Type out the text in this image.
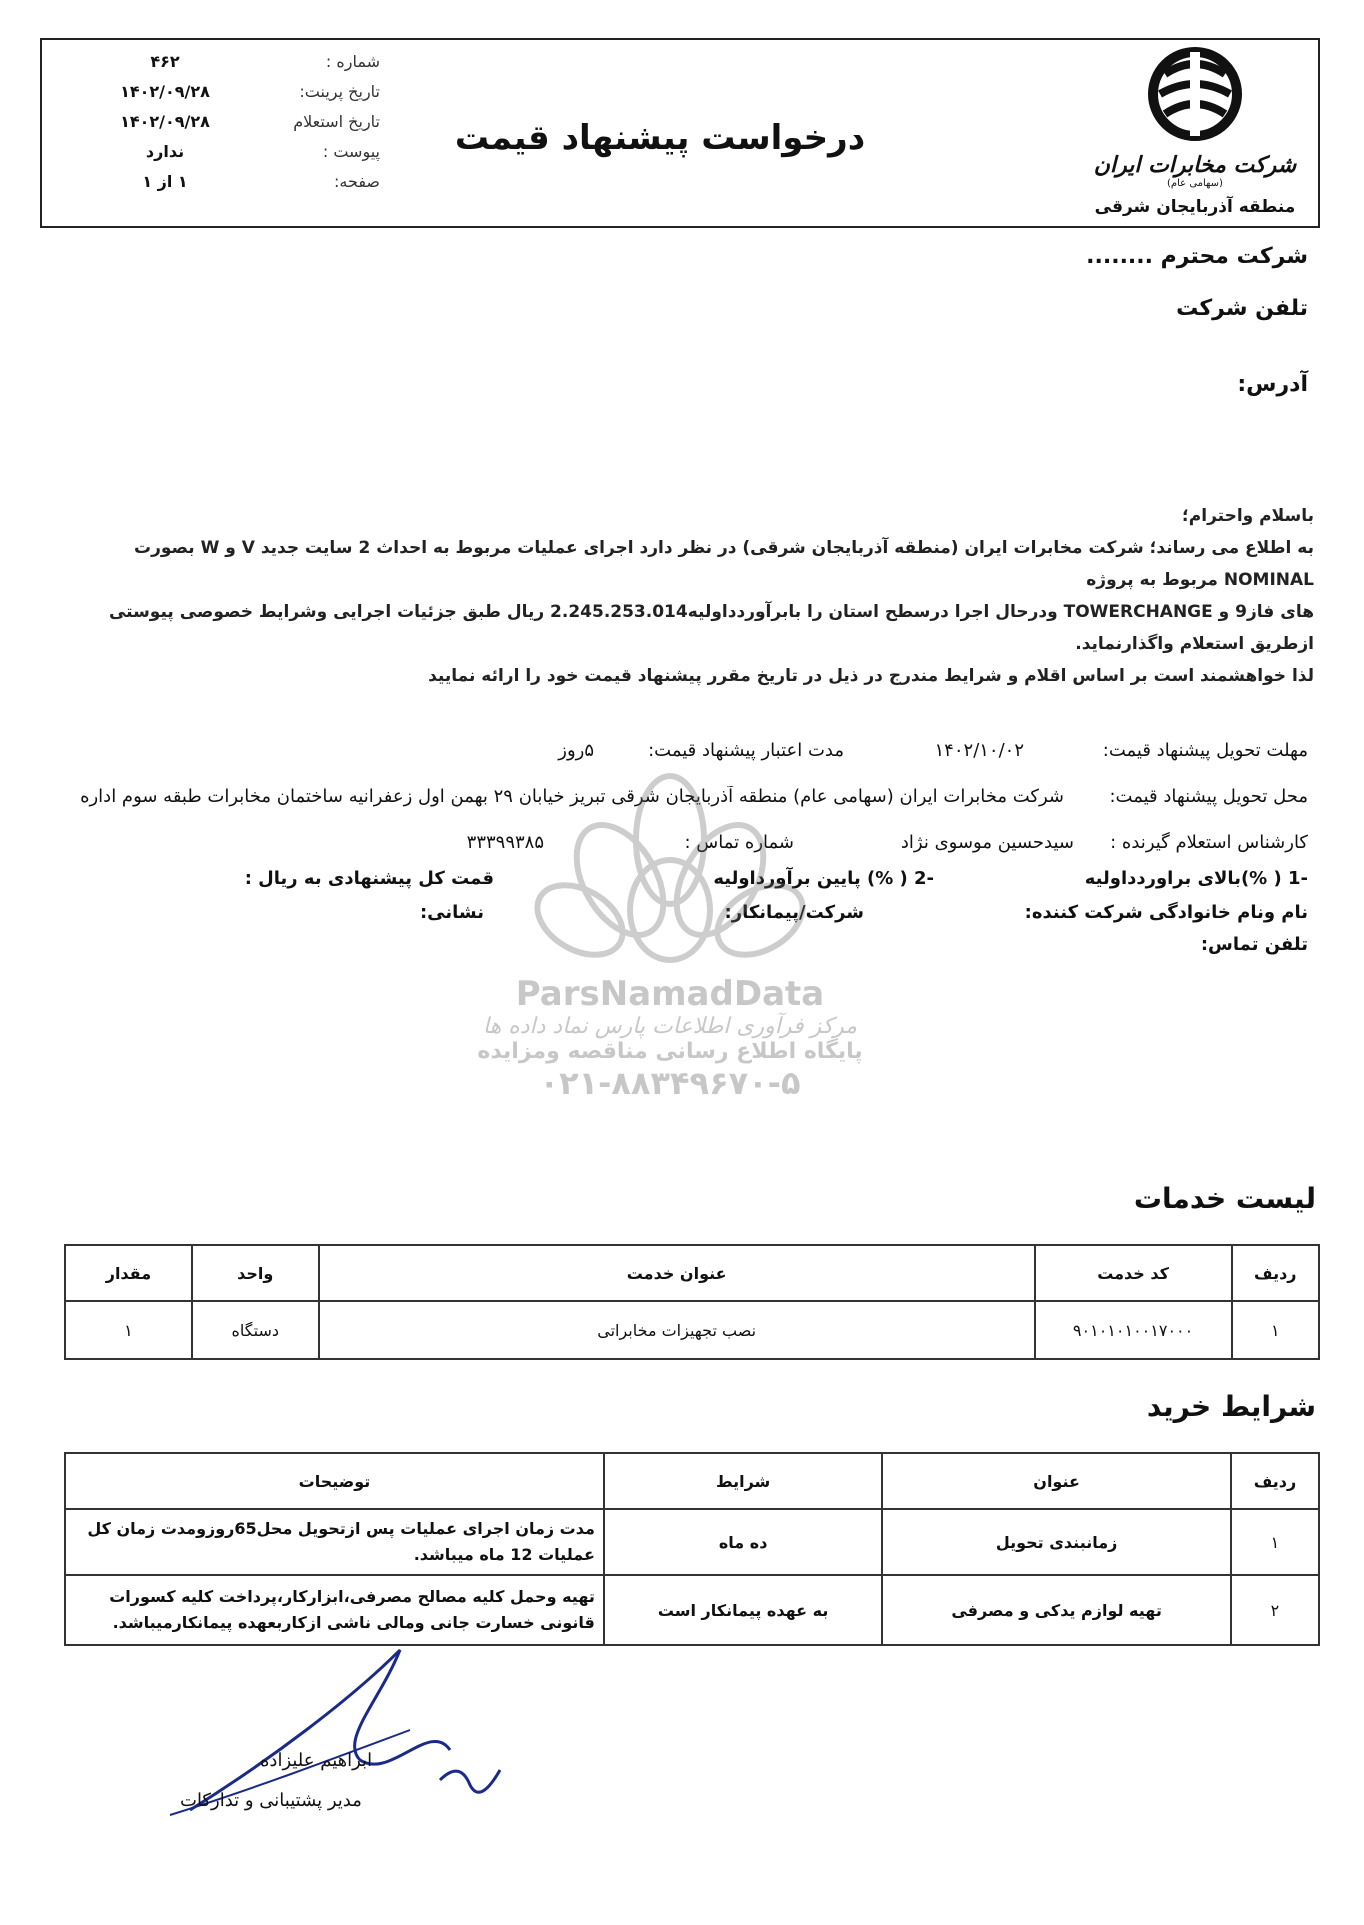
شرکت مخابرات ایران
(سهامی عام)
منطقه آذربایجان شرقی
درخواست پیشنهاد قیمت
شماره :
۴۶۲
تاریخ پرینت:
۱۴۰۲/۰۹/۲۸
تاریخ استعلام
۱۴۰۲/۰۹/۲۸
پیوست :
ندارد
صفحه:
۱ از ۱
شرکت محترم ........
تلفن شرکت
آدرس:

باسلام واحترام؛

به اطلاع می رساند؛ شرکت مخابرات ایران (منطقه آذربایجان شرقی) در نظر دارد اجرای عملیات مربوط به احداث 2 سایت جدید V و W بصورت NOMINAL مربوط به پروژه

های فاز9 و TOWERCHANGE ودرحال اجرا درسطح استان را بابرآوردداولیه2.245.253.014 ریال طبق جزئیات اجرایی وشرایط خصوصی پیوستی ازطریق استعلام واگذارنماید.

لذا خواهشمند است بر اساس اقلام و شرایط مندرج در ذیل در تاریخ مقرر پیشنهاد قیمت خود را ارائه نمایید

مهلت تحویل پیشنهاد قیمت:
۱۴۰۲/۱۰/۰۲
مدت اعتبار پیشنهاد قیمت:
۵روز
محل تحویل پیشنهاد قیمت:
شرکت مخابرات ایران (سهامی عام) منطقه آذربایجان شرقی تبریز خیابان ۲۹ بهمن اول زعفرانیه ساختمان مخابرات طبقه سوم اداره
کارشناس استعلام گیرنده :
سیدحسین موسوی نژاد
شماره تماس :
۳۳۳۹۹۳۸۵
-1 ( %)بالای براوردداولیه
-2 ( %) پایین برآورداولیه
قمت کل پیشنهادی به ریال :
نام ونام خانوادگی شرکت کننده:
شرکت/پیمانکار:
نشانی:
تلفن تماس:
ParsNamadData
مرکز فرآوری اطلاعات پارس نماد داده ها
پایگاه اطلاع رسانی مناقصه ومزایده
۰۲۱-۸۸۳۴۹۶۷۰-۵
لیست خدمات
ردیف	کد خدمت	عنوان خدمت	واحد	مقدار
۱	۹۰۱۰۱۰۱۰۰۱۷۰۰۰	نصب تجهیزات مخابراتی	دستگاه	۱
شرایط خرید
ردیف	عنوان	شرایط	توضیحات
۱	زمانبندی تحویل	ده ماه	مدت زمان اجرای عملیات پس ازتحویل محل65روزومدت زمان کل عملیات 12 ماه میباشد.
۲	تهیه لوازم یدکی و مصرفی	به عهده پیمانکار است	تهیه وحمل کلیه مصالح مصرفی،ابزارکار،پرداخت کلیه کسورات قانونی خسارت جانی ومالی ناشی ازکاربعهده پیمانکارمیباشد.
ابراهیم علیزاده
مدیر پشتیبانی و تدارکات
